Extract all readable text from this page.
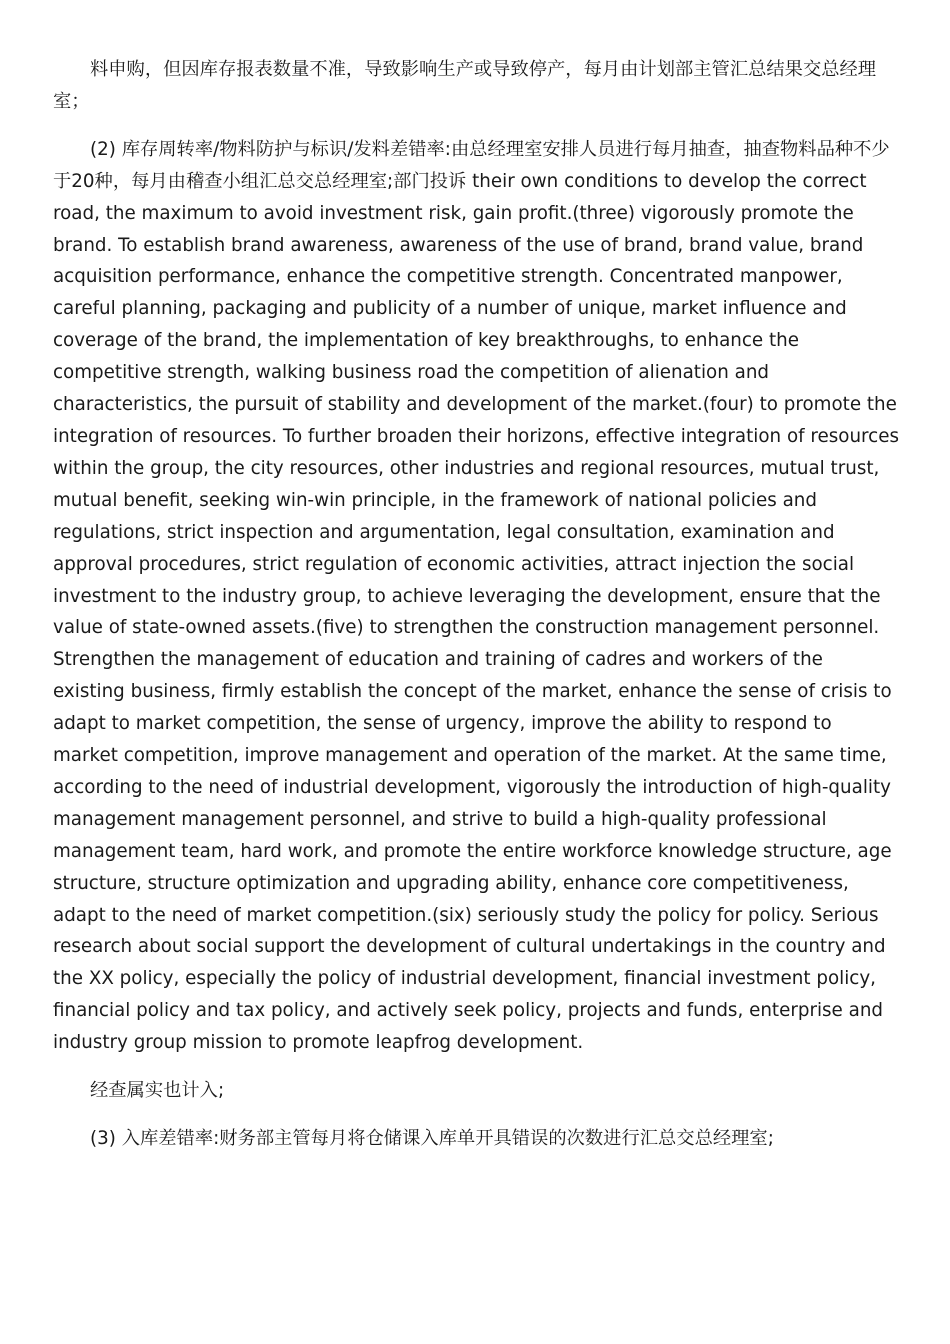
料申购，但因库存报表数量不准，导致影响生产或导致停产，每月由计划部主管汇总结果交总经理室；

(2) 库存周转率/物料防护与标识/发料差错率:由总经理室安排人员进行每月抽查，抽查物料品种不少于20种，每月由稽查小组汇总交总经理室;部门投诉 their own conditions to develop the correct road, the maximum to avoid investment risk, gain profit.(three) vigorously promote the brand. To establish brand awareness, awareness of the use of brand, brand value, brand acquisition performance, enhance the competitive strength. Concentrated manpower, careful planning, packaging and publicity of a number of unique, market influence and coverage of the brand, the implementation of key breakthroughs, to enhance the competitive strength, walking business road the competition of alienation and characteristics, the pursuit of stability and development of the market.(four) to promote the integration of resources. To further broaden their horizons, effective integration of resources within the group, the city resources, other industries and regional resources, mutual trust, mutual benefit, seeking win-win principle, in the framework of national policies and regulations, strict inspection and argumentation, legal consultation, examination and approval procedures, strict regulation of economic activities, attract injection the social investment to the industry group, to achieve leveraging the development, ensure that the value of state-owned assets.(five) to strengthen the construction management personnel. Strengthen the management of education and training of cadres and workers of the existing business, firmly establish the concept of the market, enhance the sense of crisis to adapt to market competition, the sense of urgency, improve the ability to respond to market competition, improve management and operation of the market. At the same time, according to the need of industrial development, vigorously the introduction of high-quality management management personnel, and strive to build a high-quality professional management team, hard work, and promote the entire workforce knowledge structure, age structure, structure optimization and upgrading ability, enhance core competitiveness, adapt to the need of market competition.(six) seriously study the policy for policy. Serious research about social support the development of cultural undertakings in the country and the XX policy, especially the policy of industrial development, financial investment policy, financial policy and tax policy, and actively seek policy, projects and funds, enterprise and industry group mission to promote leapfrog development.

经查属实也计入;

(3) 入库差错率:财务部主管每月将仓储课入库单开具错误的次数进行汇总交总经理室;
